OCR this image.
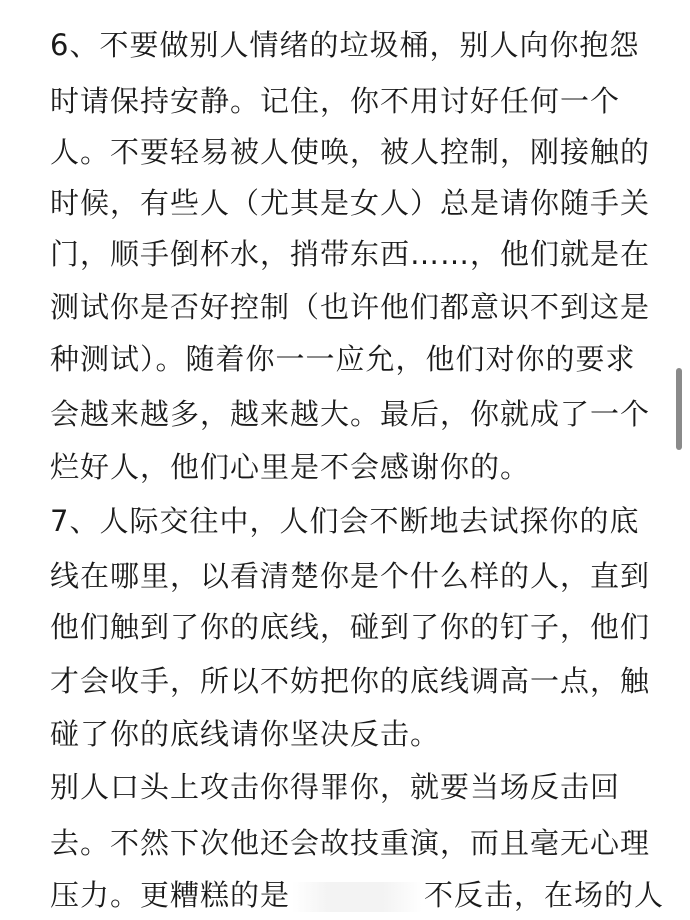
6、不要做别人情绪的垃圾桶，别人向你抱怨
时请保持安静。记住，你不用讨好任何一个
人。不要轻易被人使唤，被人控制，刚接触的
时候，有些人（尤其是女人）总是请你随手关
门，顺手倒杯水，捎带东西……，他们就是在
测试你是否好控制（也许他们都意识不到这是
种测试）。随着你一一应允，他们对你的要求
会越来越多，越来越大。最后，你就成了一个
烂好人，他们心里是不会感谢你的。
7、人际交往中，人们会不断地去试探你的底
线在哪里，以看清楚你是个什么样的人，直到
他们触到了你的底线，碰到了你的钉子，他们
才会收手，所以不妨把你的底线调高一点，触
碰了你的底线请你坚决反击。
别人口头上攻击你得罪你，就要当场反击回
去。不然下次他还会故技重演，而且毫无心理
压力。更糟糕的是	不反击，在场的人
